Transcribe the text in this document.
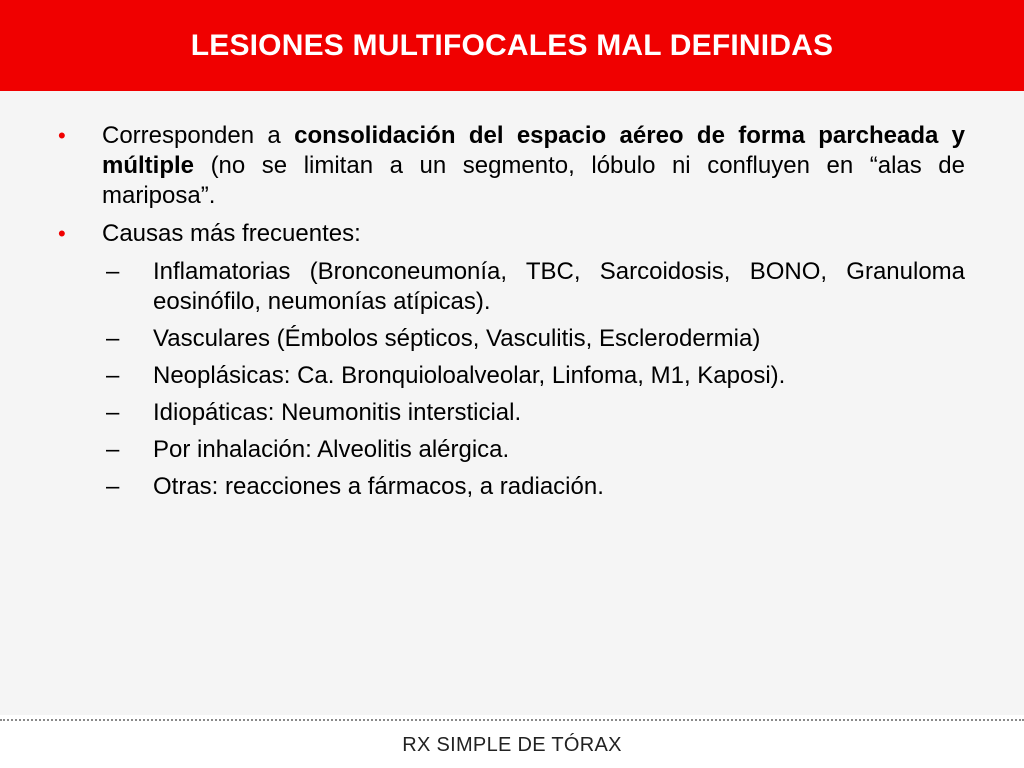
LESIONES MULTIFOCALES MAL DEFINIDAS
• Corresponden a consolidación del espacio aéreo de forma parcheada y múltiple (no se limitan a un segmento, lóbulo ni confluyen en “alas de mariposa”.
• Causas más frecuentes:
– Inflamatorias (Bronconeumonía, TBC, Sarcoidosis, BONO, Granuloma eosinófilo, neumonías atípicas).
– Vasculares (Émbolos sépticos, Vasculitis, Esclerodermia)
– Neoplásicas: Ca. Bronquioloalveolar, Linfoma, M1, Kaposi).
– Idiopáticas: Neumonitis intersticial.
– Por inhalación: Alveolitis alérgica.
– Otras: reacciones a fármacos, a radiación.

RX SIMPLE DE TÓRAX
